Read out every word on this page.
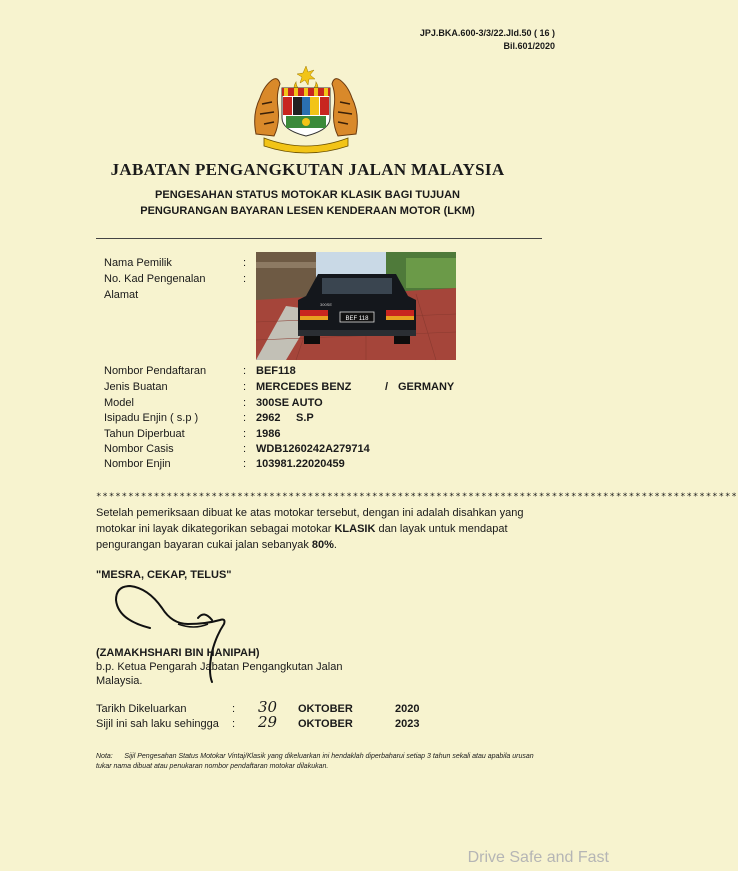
JPJ.BKA.600-3/3/22.Jld.50 ( 16 )
Bil.601/2020
JABATAN PENGANGKUTAN JALAN MALAYSIA
PENGESAHAN STATUS MOTOKAR KLASIK BAGI TUJUAN
PENGURANGAN BAYARAN LESEN KENDERAAN MOTOR (LKM)
Nama Pemilik	:
No. Kad Pengenalan	:
Alamat
BEF 118
300SE
Nombor Pendaftaran	: BEF118
Jenis Buatan	: MERCEDES BENZ	/ GERMANY
Model	: 300SE AUTO
Isipadu Enjin ( s.p )	: 2962 S.P
Tahun Diperbuat	: 1986
Nombor Casis	: WDB1260242A279714
Nombor Enjin	: 103981.22020459
****************************************************************************************************
Setelah pemeriksaan dibuat ke atas motokar tersebut, dengan ini adalah disahkan yang motokar ini layak dikategorikan sebagai motokar KLASIK dan layak untuk mendapat pengurangan bayaran cukai jalan sebanyak 80%.
"MESRA, CEKAP, TELUS"
(ZAMAKHSHARI BIN HANIPAH)
b.p. Ketua Pengarah Jabatan Pengangkutan Jalan Malaysia.
Tarikh Dikeluarkan	: 30 OKTOBER	2020
Sijil ini sah laku sehingga : 29 OKTOBER	2023
Nota: Sijil Pengesahan Status Motokar Vintaj/Klasik yang dikeluarkan ini hendaklah diperbaharui setiap 3 tahun sekali atau apabila urusan tukar nama dibuat atau penukaran nombor pendaftaran motokar dilakukan.
Drive Safe and Fast
